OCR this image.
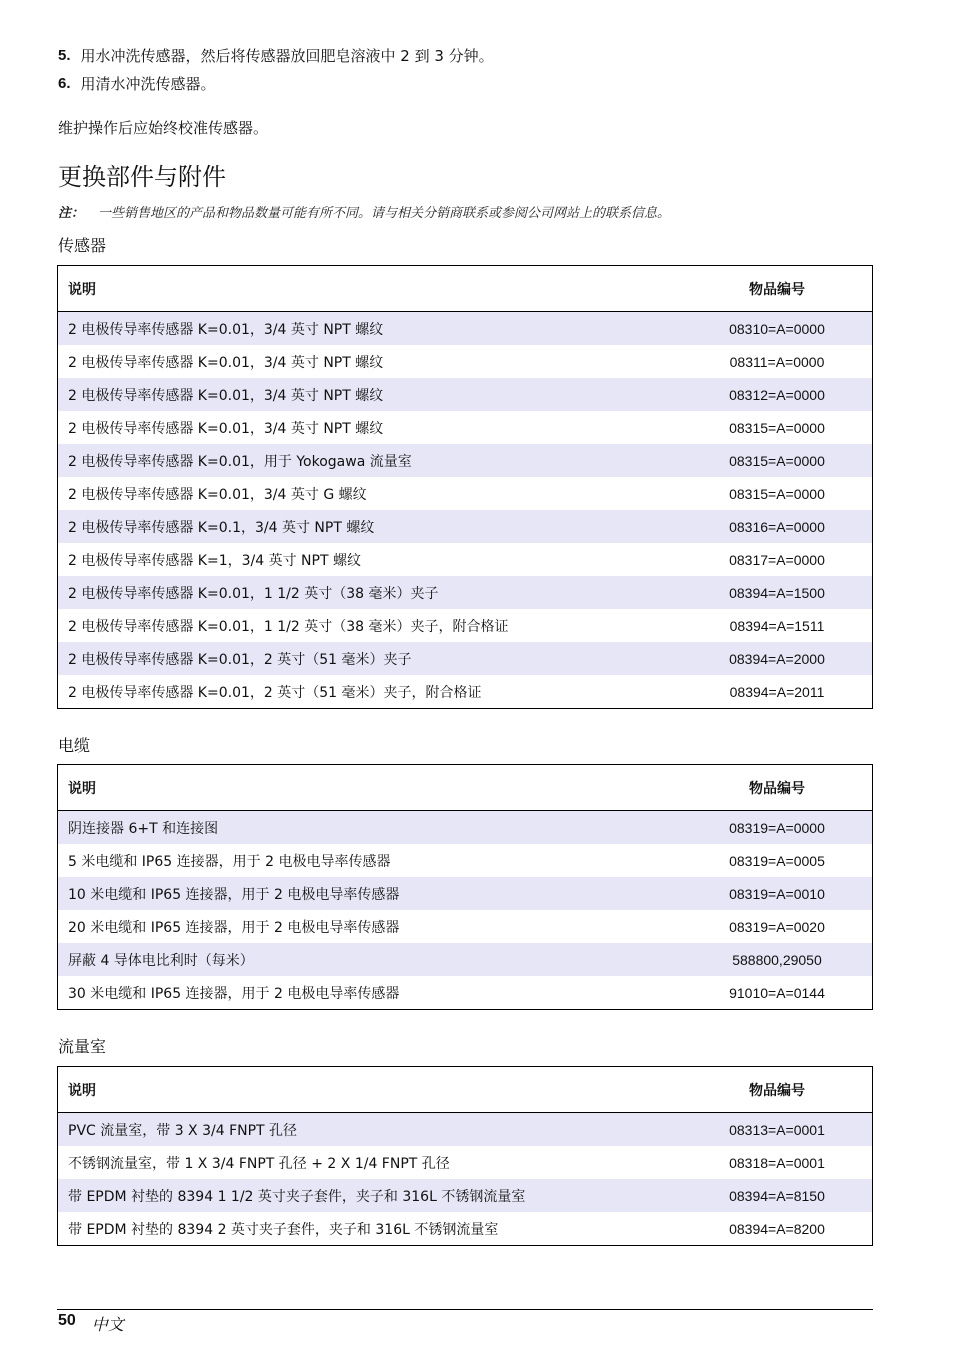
5. 用水冲洗传感器，然后将传感器放回肥皂溶液中 2 到 3 分钟。
6. 用清水冲洗传感器。
维护操作后应始终校准传感器。
更换部件与附件
注： 一些销售地区的产品和物品数量可能有所不同。请与相关分销商联系或参阅公司网站上的联系信息。
传感器
说明	物品编号
2 电极传导率传感器 K=0.01，3/4 英寸 NPT 螺纹	08310=A=0000
2 电极传导率传感器 K=0.01，3/4 英寸 NPT 螺纹	08311=A=0000
2 电极传导率传感器 K=0.01，3/4 英寸 NPT 螺纹	08312=A=0000
2 电极传导率传感器 K=0.01，3/4 英寸 NPT 螺纹	08315=A=0000
2 电极传导率传感器 K=0.01，用于 Yokogawa 流量室	08315=A=0000
2 电极传导率传感器 K=0.01，3/4 英寸 G 螺纹	08315=A=0000
2 电极传导率传感器 K=0.1，3/4 英寸 NPT 螺纹	08316=A=0000
2 电极传导率传感器 K=1，3/4 英寸 NPT 螺纹	08317=A=0000
2 电极传导率传感器 K=0.01，1 1/2 英寸（38 毫米）夹子	08394=A=1500
2 电极传导率传感器 K=0.01，1 1/2 英寸（38 毫米）夹子，附合格证	08394=A=1511
2 电极传导率传感器 K=0.01，2 英寸（51 毫米）夹子	08394=A=2000
2 电极传导率传感器 K=0.01，2 英寸（51 毫米）夹子，附合格证	08394=A=2011
电缆
说明	物品编号
阴连接器 6+T 和连接图	08319=A=0000
5 米电缆和 IP65 连接器，用于 2 电极电导率传感器	08319=A=0005
10 米电缆和 IP65 连接器，用于 2 电极电导率传感器	08319=A=0010
20 米电缆和 IP65 连接器，用于 2 电极电导率传感器	08319=A=0020
屏蔽 4 导体电比利时（每米）	588800,29050
30 米电缆和 IP65 连接器，用于 2 电极电导率传感器	91010=A=0144
流量室
说明	物品编号
PVC 流量室，带 3 X 3/4 FNPT 孔径	08313=A=0001
不锈钢流量室，带 1 X 3/4 FNPT 孔径 + 2 X 1/4 FNPT 孔径	08318=A=0001
带 EPDM 衬垫的 8394 1 1/2 英寸夹子套件，夹子和 316L 不锈钢流量室	08394=A=8150
带 EPDM 衬垫的 8394 2 英寸夹子套件，夹子和 316L 不锈钢流量室	08394=A=8200
50 中文
